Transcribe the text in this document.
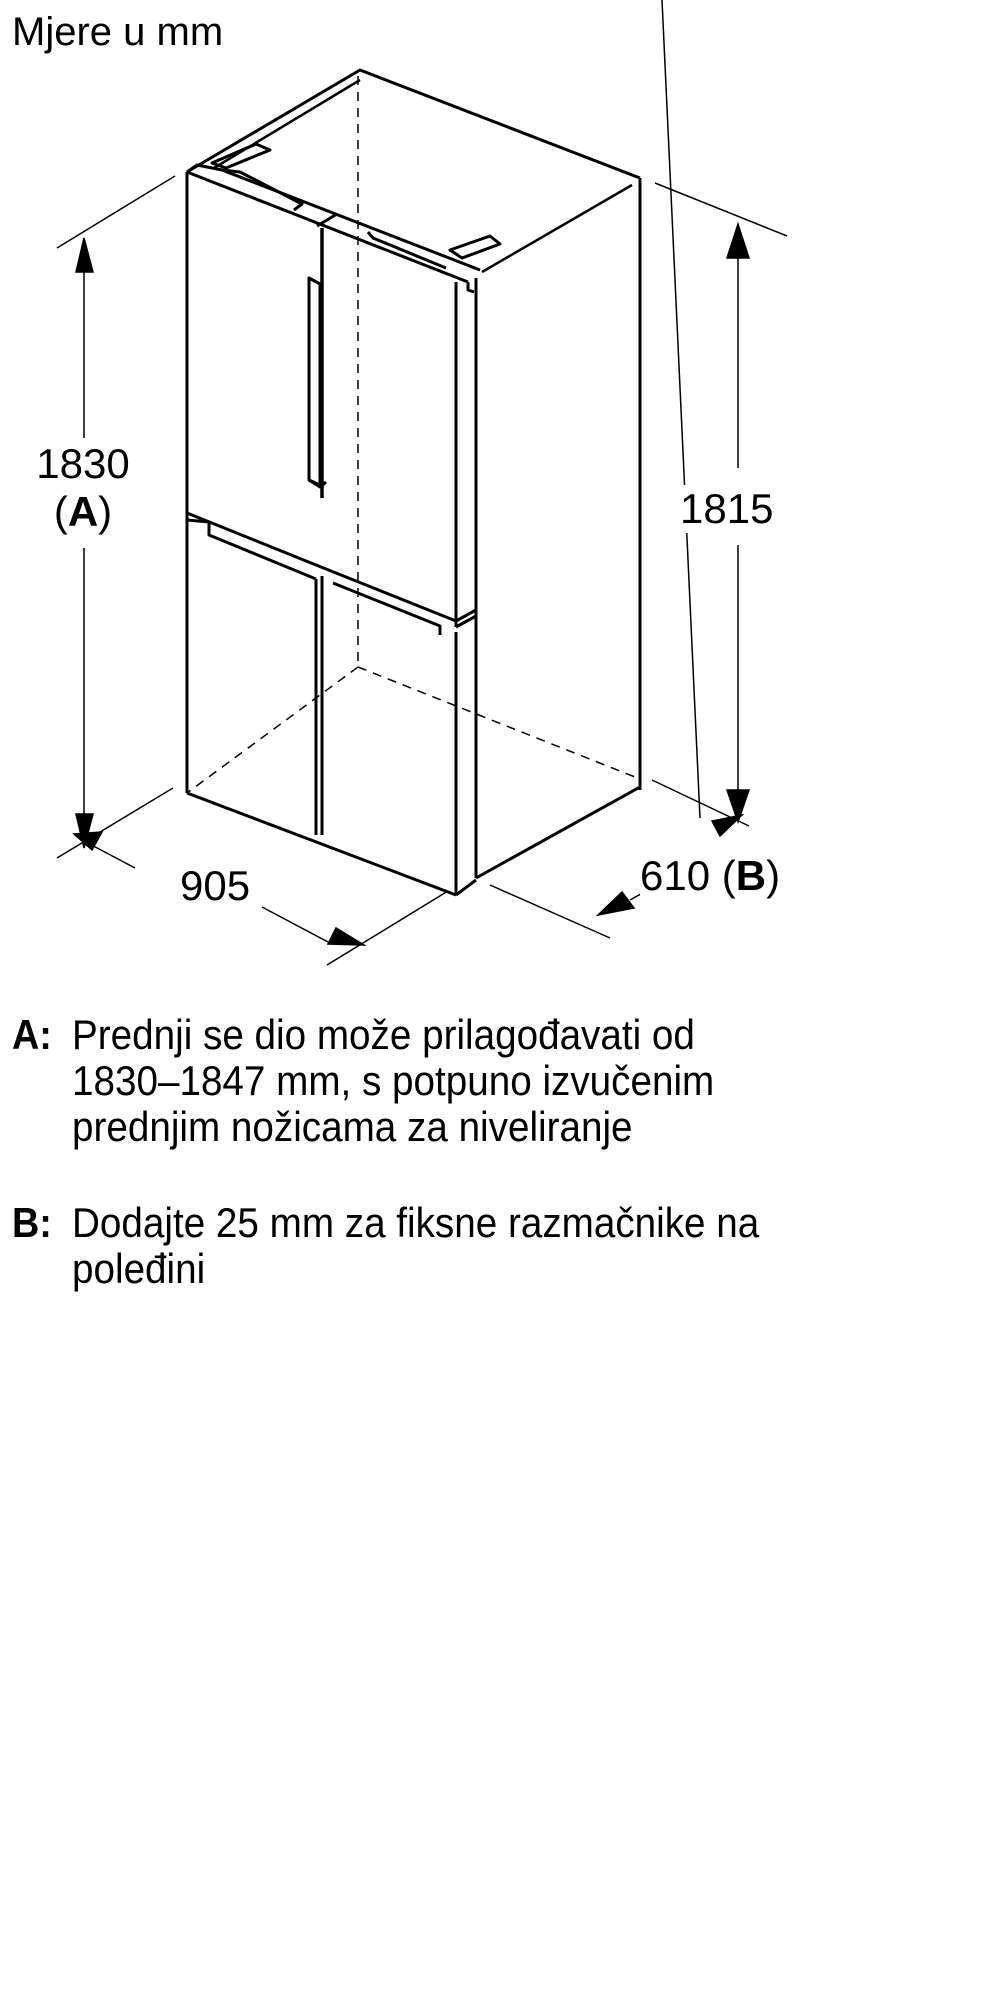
Mjere u mm
1830
(A)	1815
905	610 (B)
A: Prednji se dio može prilagođavati od
1830–1847 mm, s potpuno izvučenim
prednjim nožicama za niveliranje
B: Dodajte 25 mm za fiksne razmačnike na
poleđini
